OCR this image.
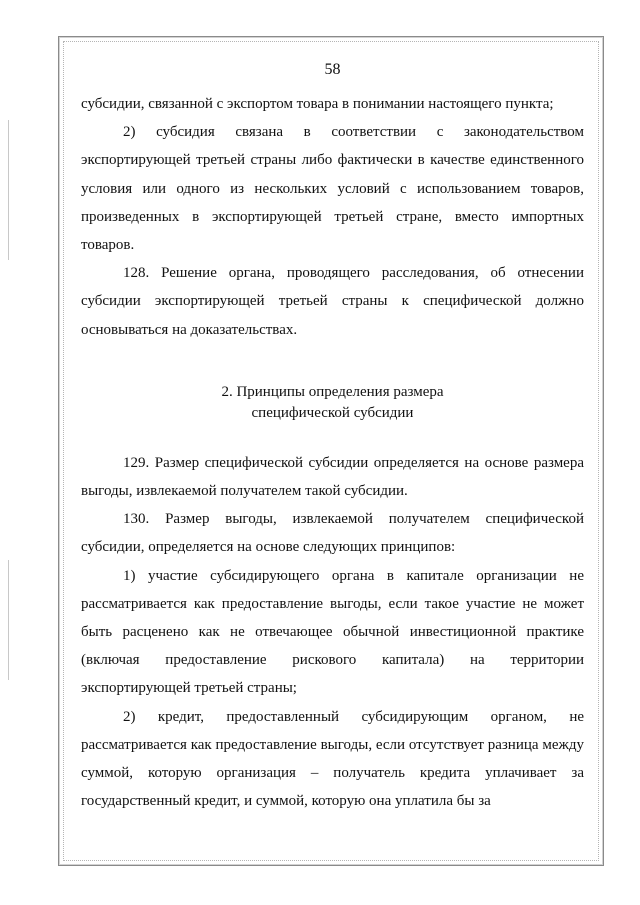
58

субсидии, связанной с экспортом товара в понимании настоящего пункта;

2) субсидия связана в соответствии с законодательством экспортирующей третьей страны либо фактически в качестве единственного условия или одного из нескольких условий с использованием товаров, произведенных в экспортирующей третьей стране, вместо импортных товаров.

128. Решение органа, проводящего расследования, об отнесении субсидии экспортирующей третьей страны к специфической должно основываться на доказательствах.

2. Принципы определения размера
специфической субсидии

129. Размер специфической субсидии определяется на основе размера выгоды, извлекаемой получателем такой субсидии.

130. Размер выгоды, извлекаемой получателем специфической субсидии, определяется на основе следующих принципов:

1) участие субсидирующего органа в капитале организации не рассматривается как предоставление выгоды, если такое участие не может быть расценено как не отвечающее обычной инвестиционной практике (включая предоставление рискового капитала) на территории экспортирующей третьей страны;

2) кредит, предоставленный субсидирующим органом, не рассматривается как предоставление выгоды, если отсутствует разница между суммой, которую организация – получатель кредита уплачивает за государственный кредит, и суммой, которую она уплатила бы за
